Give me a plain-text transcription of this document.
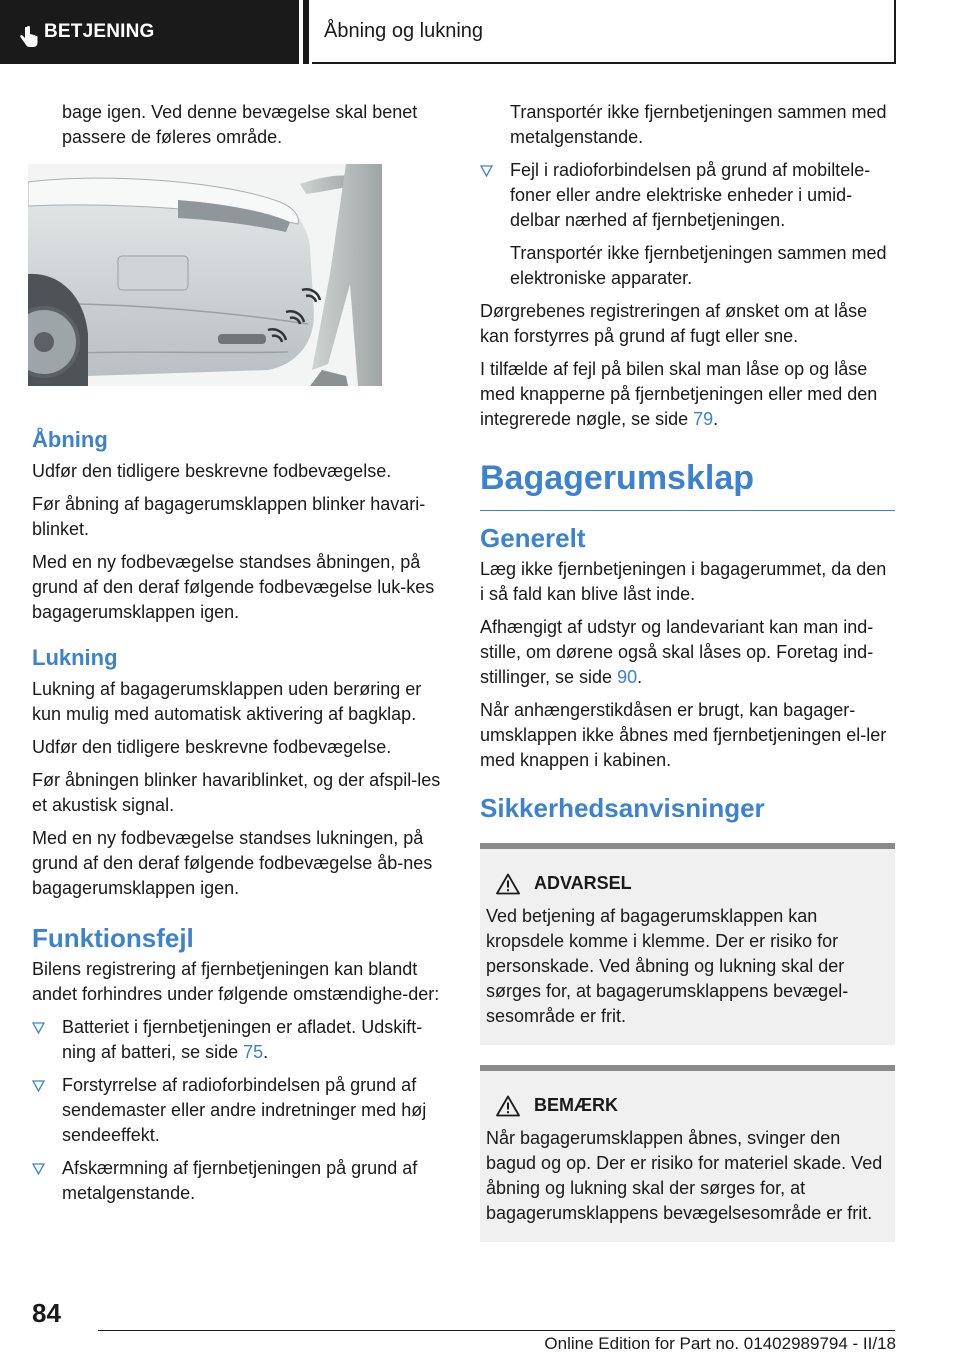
BETJENING	Åbning og lukning

bage igen. Ved denne bevægelse skal benet passere de føleres område.

Åbning

Udfør den tidligere beskrevne fodbevægelse.

Før åbning af bagagerumsklappen blinker havari-blinket.

Med en ny fodbevægelse standses åbningen, på grund af den deraf følgende fodbevægelse luk-kes bagagerumsklappen igen.

Lukning

Lukning af bagagerumsklappen uden berøring er kun mulig med automatisk aktivering af bagklap.

Udfør den tidligere beskrevne fodbevægelse.

Før åbningen blinker havariblinket, og der afspil-les et akustisk signal.

Med en ny fodbevægelse standses lukningen, på grund af den deraf følgende fodbevægelse åb-nes bagagerumsklappen igen.

Funktionsfejl

Bilens registrering af fjernbetjeningen kan blandt andet forhindres under følgende omstændighe-der:

Batteriet i fjernbetjeningen er afladet. Udskift-ning af batteri, se side 75.
Forstyrrelse af radioforbindelsen på grund af sendemaster eller andre indretninger med høj sendeeffekt.
Afskærmning af fjernbetjeningen på grund af metalgenstande.

Transportér ikke fjernbetjeningen sammen med metalgenstande.

Fejl i radioforbindelsen på grund af mobiltele-foner eller andre elektriske enheder i umid-delbar nærhed af fjernbetjeningen.

Transportér ikke fjernbetjeningen sammen med elektroniske apparater.

Dørgrebenes registreringen af ønsket om at låse kan forstyrres på grund af fugt eller sne.

I tilfælde af fejl på bilen skal man låse op og låse med knapperne på fjernbetjeningen eller med den integrerede nøgle, se side 79.

Bagagerumsklap
Generelt

Læg ikke fjernbetjeningen i bagagerummet, da den i så fald kan blive låst inde.

Afhængigt af udstyr og landevariant kan man ind-stille, om dørene også skal låses op. Foretag ind-stillinger, se side 90.

Når anhængerstikdåsen er brugt, kan bagager-umsklappen ikke åbnes med fjernbetjeningen el-ler med knappen i kabinen.

Sikkerhedsanvisninger
ADVARSEL
Ved betjening af bagagerumsklappen kan kropsdele komme i klemme. Der er risiko for personskade. Ved åbning og lukning skal der sørges for, at bagagerumsklappens bevægel-sesområde er frit.
BEMÆRK
Når bagagerumsklappen åbnes, svinger den bagud og op. Der er risiko for materiel skade. Ved åbning og lukning skal der sørges for, at bagagerumsklappens bevægelsesområde er frit.
84
Online Edition for Part no. 01402989794 - II/18
